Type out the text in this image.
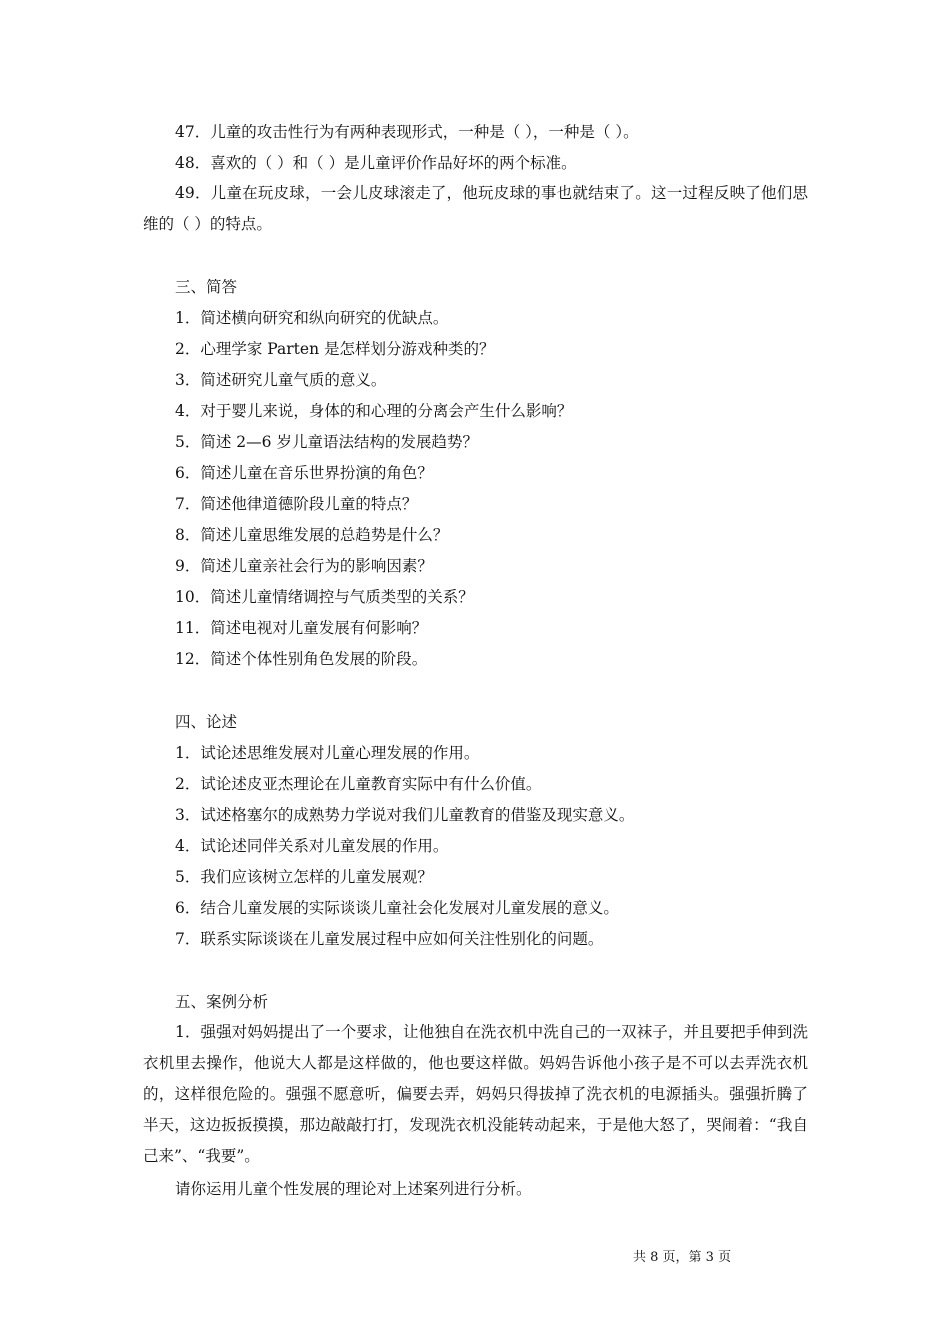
47．儿童的攻击性行为有两种表现形式，一种是（ ），一种是（ ）。
48．喜欢的（ ）和（ ）是儿童评价作品好坏的两个标准。
49．儿童在玩皮球，一会儿皮球滚走了，他玩皮球的事也就结束了。这一过程反映了他们思维的（ ）的特点。
三、简答
1．简述横向研究和纵向研究的优缺点。
2．心理学家 Parten 是怎样划分游戏种类的？
3．简述研究儿童气质的意义。
4．对于婴儿来说，身体的和心理的分离会产生什么影响？
5．简述 2—6 岁儿童语法结构的发展趋势？
6．简述儿童在音乐世界扮演的角色？
7．简述他律道德阶段儿童的特点？
8．简述儿童思维发展的总趋势是什么？
9．简述儿童亲社会行为的影响因素？
10．简述儿童情绪调控与气质类型的关系？
11．简述电视对儿童发展有何影响？
12．简述个体性别角色发展的阶段。
四、论述
1．试论述思维发展对儿童心理发展的作用。
2．试论述皮亚杰理论在儿童教育实际中有什么价值。
3．试述格塞尔的成熟势力学说对我们儿童教育的借鉴及现实意义。
4．试论述同伴关系对儿童发展的作用。
5．我们应该树立怎样的儿童发展观？
6．结合儿童发展的实际谈谈儿童社会化发展对儿童发展的意义。
7．联系实际谈谈在儿童发展过程中应如何关注性别化的问题。
五、案例分析
1．强强对妈妈提出了一个要求，让他独自在洗衣机中洗自己的一双袜子，并且要把手伸到洗衣机里去操作，他说大人都是这样做的，他也要这样做。妈妈告诉他小孩子是不可以去弄洗衣机的，这样很危险的。强强不愿意听，偏要去弄，妈妈只得拔掉了洗衣机的电源插头。强强折腾了半天，这边扳扳摸摸，那边敲敲打打，发现洗衣机没能转动起来，于是他大怒了，哭闹着：“我自己来”、“我要”。
请你运用儿童个性发展的理论对上述案列进行分析。
共 8 页，第 3 页
